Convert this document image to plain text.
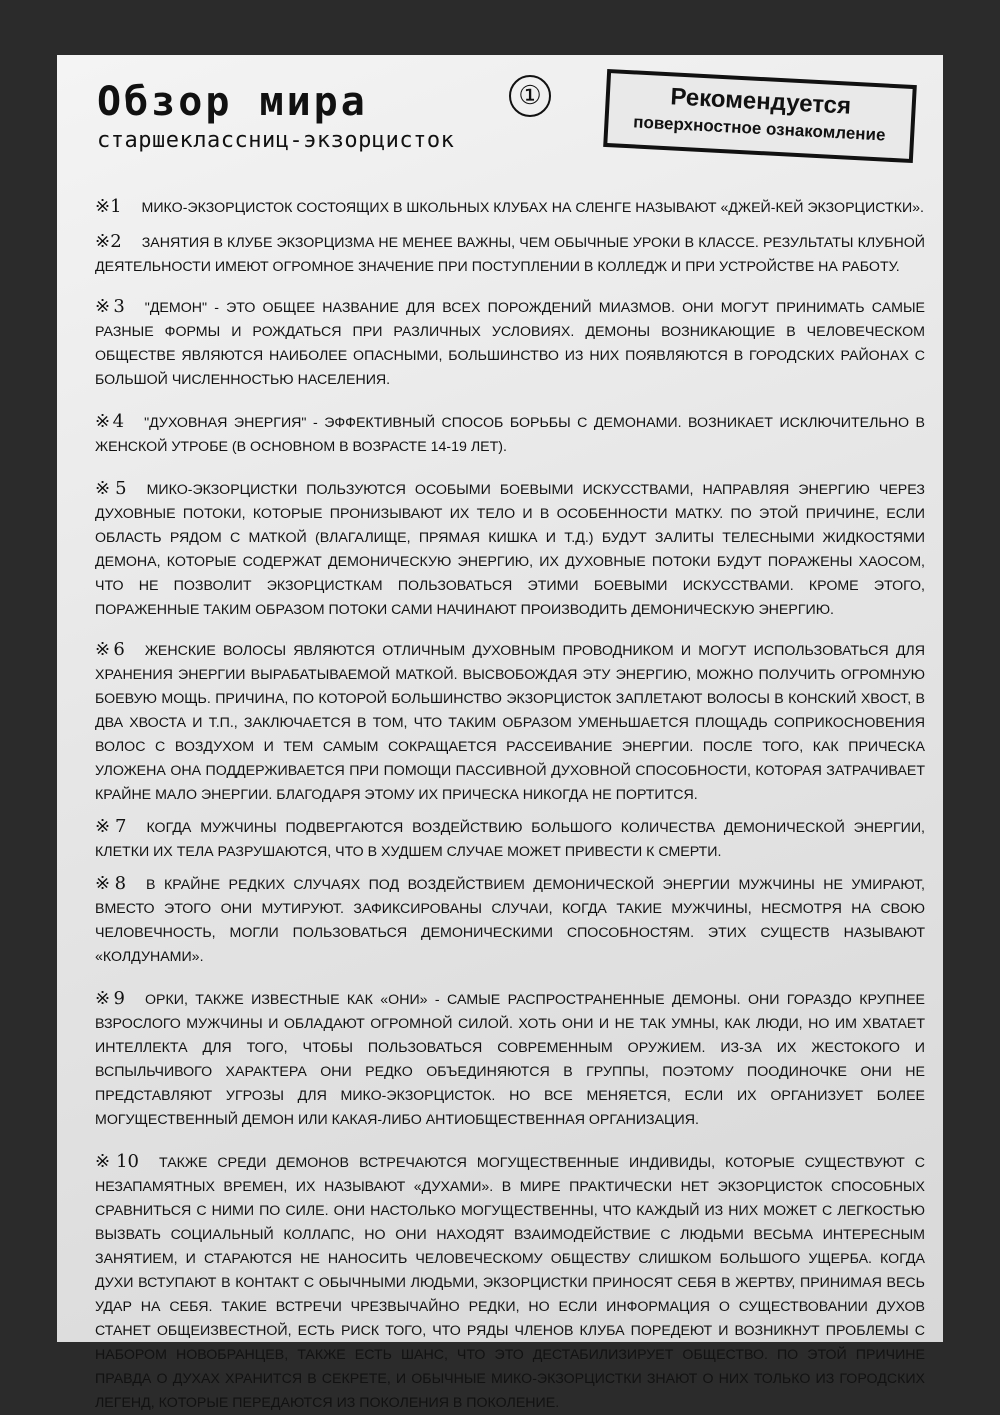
Обзор мира
старшеклассниц-экзорцисток
①	Рекомендуется
поверхностное ознакомление
※1 МИКО-ЭКЗОРЦИСТОК СОСТОЯЩИХ В ШКОЛЬНЫХ КЛУБАХ НА СЛЕНГЕ НАЗЫВАЮТ «ДЖЕЙ-КЕЙ ЭКЗОРЦИСТКИ».
※2 ЗАНЯТИЯ В КЛУБЕ ЭКЗОРЦИЗМА НЕ МЕНЕЕ ВАЖНЫ, ЧЕМ ОБЫЧНЫЕ УРОКИ В КЛАССЕ. РЕЗУЛЬТАТЫ КЛУБНОЙ ДЕЯТЕЛЬНОСТИ ИМЕЮТ ОГРОМНОЕ ЗНАЧЕНИЕ ПРИ ПОСТУПЛЕНИИ В КОЛЛЕДЖ И ПРИ УСТРОЙСТВЕ НА РАБОТУ.
※3 "ДЕМОН" - ЭТО ОБЩЕЕ НАЗВАНИЕ ДЛЯ ВСЕХ ПОРОЖДЕНИЙ МИАЗМОВ. ОНИ МОГУТ ПРИНИМАТЬ САМЫЕ РАЗНЫЕ ФОРМЫ И РОЖДАТЬСЯ ПРИ РАЗЛИЧНЫХ УСЛОВИЯХ. ДЕМОНЫ ВОЗНИКАЮЩИЕ В ЧЕЛОВЕЧЕСКОМ ОБЩЕСТВЕ ЯВЛЯЮТСЯ НАИБОЛЕЕ ОПАСНЫМИ, БОЛЬШИНСТВО ИЗ НИХ ПОЯВЛЯЮТСЯ В ГОРОДСКИХ РАЙОНАХ С БОЛЬШОЙ ЧИСЛЕННОСТЬЮ НАСЕЛЕНИЯ.
※4 "ДУХОВНАЯ ЭНЕРГИЯ" - ЭФФЕКТИВНЫЙ СПОСОБ БОРЬБЫ С ДЕМОНАМИ. ВОЗНИКАЕТ ИСКЛЮЧИТЕЛЬНО В ЖЕНСКОЙ УТРОБЕ (В ОСНОВНОМ В ВОЗРАСТЕ 14-19 ЛЕТ).
※5 МИКО-ЭКЗОРЦИСТКИ ПОЛЬЗУЮТСЯ ОСОБЫМИ БОЕВЫМИ ИСКУССТВАМИ, НАПРАВЛЯЯ ЭНЕРГИЮ ЧЕРЕЗ ДУХОВНЫЕ ПОТОКИ, КОТОРЫЕ ПРОНИЗЫВАЮТ ИХ ТЕЛО И В ОСОБЕННОСТИ МАТКУ. ПО ЭТОЙ ПРИЧИНЕ, ЕСЛИ ОБЛАСТЬ РЯДОМ С МАТКОЙ (ВЛАГАЛИЩЕ, ПРЯМАЯ КИШКА И Т.Д.) БУДУТ ЗАЛИТЫ ТЕЛЕСНЫМИ ЖИДКОСТЯМИ ДЕМОНА, КОТОРЫЕ СОДЕРЖАТ ДЕМОНИЧЕСКУЮ ЭНЕРГИЮ, ИХ ДУХОВНЫЕ ПОТОКИ БУДУТ ПОРАЖЕНЫ ХАОСОМ, ЧТО НЕ ПОЗВОЛИТ ЭКЗОРЦИСТКАМ ПОЛЬЗОВАТЬСЯ ЭТИМИ БОЕВЫМИ ИСКУССТВАМИ. КРОМЕ ЭТОГО, ПОРАЖЕННЫЕ ТАКИМ ОБРАЗОМ ПОТОКИ САМИ НАЧИНАЮТ ПРОИЗВОДИТЬ ДЕМОНИЧЕСКУЮ ЭНЕРГИЮ.
※6 ЖЕНСКИЕ ВОЛОСЫ ЯВЛЯЮТСЯ ОТЛИЧНЫМ ДУХОВНЫМ ПРОВОДНИКОМ И МОГУТ ИСПОЛЬЗОВАТЬСЯ ДЛЯ ХРАНЕНИЯ ЭНЕРГИИ ВЫРАБАТЫВАЕМОЙ МАТКОЙ. ВЫСВОБОЖДАЯ ЭТУ ЭНЕРГИЮ, МОЖНО ПОЛУЧИТЬ ОГРОМНУЮ БОЕВУЮ МОЩЬ. ПРИЧИНА, ПО КОТОРОЙ БОЛЬШИНСТВО ЭКЗОРЦИСТОК ЗАПЛЕТАЮТ ВОЛОСЫ В КОНСКИЙ ХВОСТ, В ДВА ХВОСТА И Т.П., ЗАКЛЮЧАЕТСЯ В ТОМ, ЧТО ТАКИМ ОБРАЗОМ УМЕНЬШАЕТСЯ ПЛОЩАДЬ СОПРИКОСНОВЕНИЯ ВОЛОС С ВОЗДУХОМ И ТЕМ САМЫМ СОКРАЩАЕТСЯ РАССЕИВАНИЕ ЭНЕРГИИ. ПОСЛЕ ТОГО, КАК ПРИЧЕСКА УЛОЖЕНА ОНА ПОДДЕРЖИВАЕТСЯ ПРИ ПОМОЩИ ПАССИВНОЙ ДУХОВНОЙ СПОСОБНОСТИ, КОТОРАЯ ЗАТРАЧИВАЕТ КРАЙНЕ МАЛО ЭНЕРГИИ. БЛАГОДАРЯ ЭТОМУ ИХ ПРИЧЕСКА НИКОГДА НЕ ПОРТИТСЯ.
※7 КОГДА МУЖЧИНЫ ПОДВЕРГАЮТСЯ ВОЗДЕЙСТВИЮ БОЛЬШОГО КОЛИЧЕСТВА ДЕМОНИЧЕСКОЙ ЭНЕРГИИ, КЛЕТКИ ИХ ТЕЛА РАЗРУШАЮТСЯ, ЧТО В ХУДШЕМ СЛУЧАЕ МОЖЕТ ПРИВЕСТИ К СМЕРТИ.
※8 В КРАЙНЕ РЕДКИХ СЛУЧАЯХ ПОД ВОЗДЕЙСТВИЕМ ДЕМОНИЧЕСКОЙ ЭНЕРГИИ МУЖЧИНЫ НЕ УМИРАЮТ, ВМЕСТО ЭТОГО ОНИ МУТИРУЮТ. ЗАФИКСИРОВАНЫ СЛУЧАИ, КОГДА ТАКИЕ МУЖЧИНЫ, НЕСМОТРЯ НА СВОЮ ЧЕЛОВЕЧНОСТЬ, МОГЛИ ПОЛЬЗОВАТЬСЯ ДЕМОНИЧЕСКИМИ СПОСОБНОСТЯМ. ЭТИХ СУЩЕСТВ НАЗЫВАЮТ «КОЛДУНАМИ».
※9 ОРКИ, ТАКЖЕ ИЗВЕСТНЫЕ КАК «ОНИ» - САМЫЕ РАСПРОСТРАНЕННЫЕ ДЕМОНЫ. ОНИ ГОРАЗДО КРУПНЕЕ ВЗРОСЛОГО МУЖЧИНЫ И ОБЛАДАЮТ ОГРОМНОЙ СИЛОЙ. ХОТЬ ОНИ И НЕ ТАК УМНЫ, КАК ЛЮДИ, НО ИМ ХВАТАЕТ ИНТЕЛЛЕКТА ДЛЯ ТОГО, ЧТОБЫ ПОЛЬЗОВАТЬСЯ СОВРЕМЕННЫМ ОРУЖИЕМ. ИЗ-ЗА ИХ ЖЕСТОКОГО И ВСПЫЛЬЧИВОГО ХАРАКТЕРА ОНИ РЕДКО ОБЪЕДИНЯЮТСЯ В ГРУППЫ, ПОЭТОМУ ПООДИНОЧКЕ ОНИ НЕ ПРЕДСТАВЛЯЮТ УГРОЗЫ ДЛЯ МИКО-ЭКЗОРЦИСТОК. НО ВСЕ МЕНЯЕТСЯ, ЕСЛИ ИХ ОРГАНИЗУЕТ БОЛЕЕ МОГУЩЕСТВЕННЫЙ ДЕМОН ИЛИ КАКАЯ-ЛИБО АНТИОБЩЕСТВЕННАЯ ОРГАНИЗАЦИЯ.
※10 ТАКЖЕ СРЕДИ ДЕМОНОВ ВСТРЕЧАЮТСЯ МОГУЩЕСТВЕННЫЕ ИНДИВИДЫ, КОТОРЫЕ СУЩЕСТВУЮТ С НЕЗАПАМЯТНЫХ ВРЕМЕН, ИХ НАЗЫВАЮТ «ДУХАМИ». В МИРЕ ПРАКТИЧЕСКИ НЕТ ЭКЗОРЦИСТОК СПОСОБНЫХ СРАВНИТЬСЯ С НИМИ ПО СИЛЕ. ОНИ НАСТОЛЬКО МОГУЩЕСТВЕННЫ, ЧТО КАЖДЫЙ ИЗ НИХ МОЖЕТ С ЛЕГКОСТЬЮ ВЫЗВАТЬ СОЦИАЛЬНЫЙ КОЛЛАПС, НО ОНИ НАХОДЯТ ВЗАИМОДЕЙСТВИЕ С ЛЮДЬМИ ВЕСЬМА ИНТЕРЕСНЫМ ЗАНЯТИЕМ, И СТАРАЮТСЯ НЕ НАНОСИТЬ ЧЕЛОВЕЧЕСКОМУ ОБЩЕСТВУ СЛИШКОМ БОЛЬШОГО УЩЕРБА. КОГДА ДУХИ ВСТУПАЮТ В КОНТАКТ С ОБЫЧНЫМИ ЛЮДЬМИ, ЭКЗОРЦИСТКИ ПРИНОСЯТ СЕБЯ В ЖЕРТВУ, ПРИНИМАЯ ВЕСЬ УДАР НА СЕБЯ. ТАКИЕ ВСТРЕЧИ ЧРЕЗВЫЧАЙНО РЕДКИ, НО ЕСЛИ ИНФОРМАЦИЯ О СУЩЕСТВОВАНИИ ДУХОВ СТАНЕТ ОБЩЕИЗВЕСТНОЙ, ЕСТЬ РИСК ТОГО, ЧТО РЯДЫ ЧЛЕНОВ КЛУБА ПОРЕДЕЮТ И ВОЗНИКНУТ ПРОБЛЕМЫ С НАБОРОМ НОВОБРАНЦЕВ, ТАКЖЕ ЕСТЬ ШАНС, ЧТО ЭТО ДЕСТАБИЛИЗИРУЕТ ОБЩЕСТВО. ПО ЭТОЙ ПРИЧИНЕ ПРАВДА О ДУХАХ ХРАНИТСЯ В СЕКРЕТЕ, И ОБЫЧНЫЕ МИКО-ЭКЗОРЦИСТКИ ЗНАЮТ О НИХ ТОЛЬКО ИЗ ГОРОДСКИХ ЛЕГЕНД, КОТОРЫЕ ПЕРЕДАЮТСЯ ИЗ ПОКОЛЕНИЯ В ПОКОЛЕНИЕ.
